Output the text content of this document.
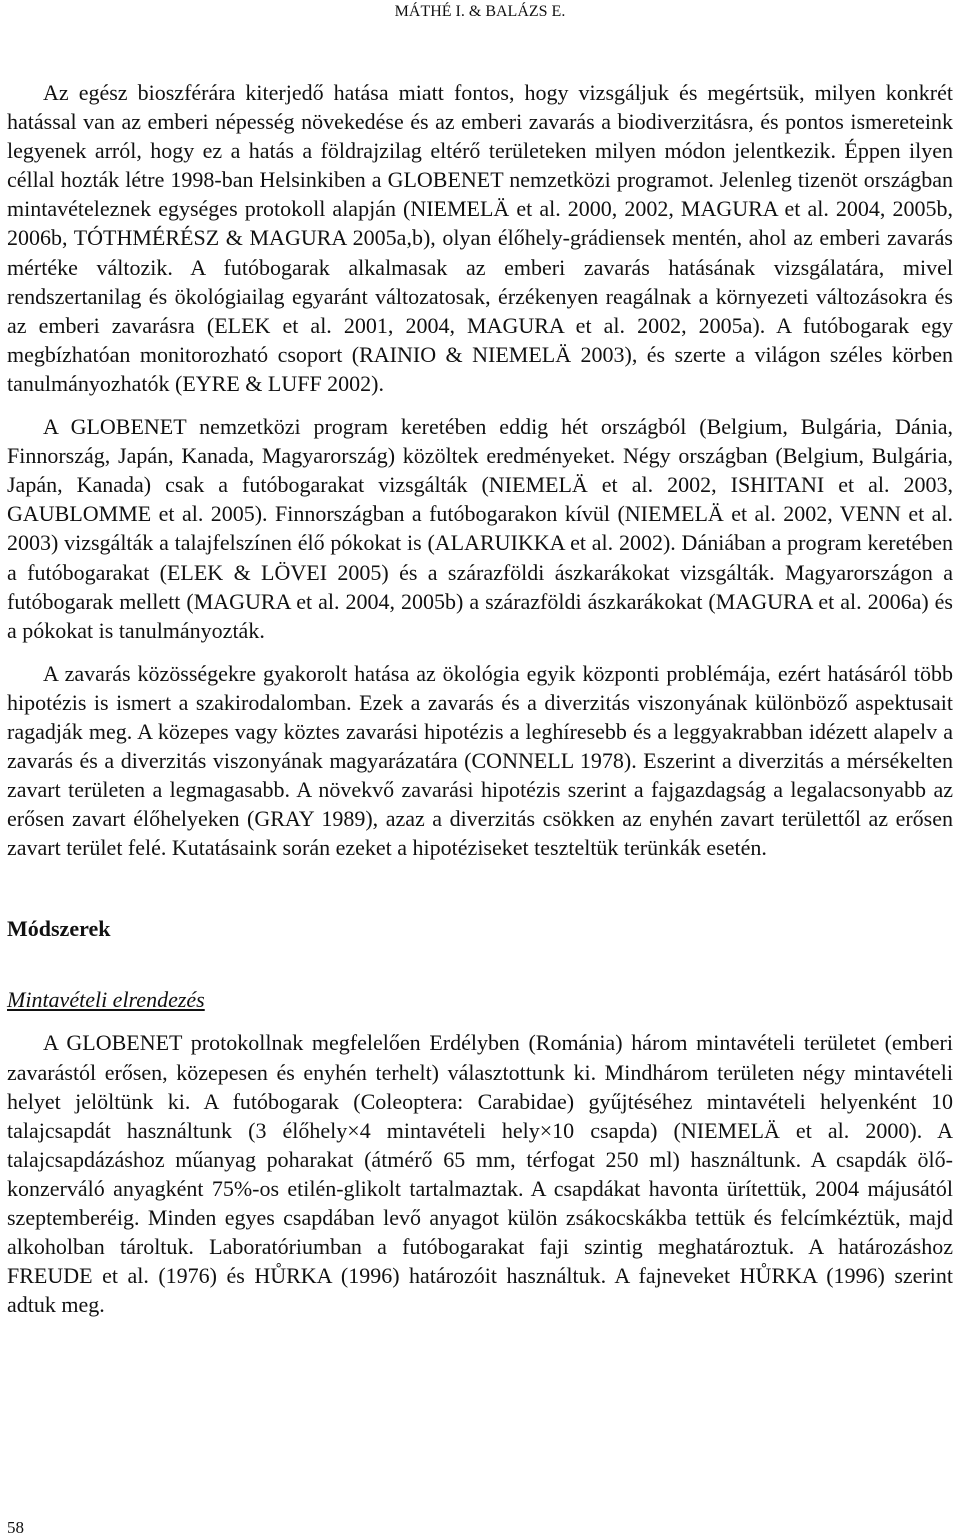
MÁTHÉ I. & BALÁZS E.

Az egész bioszférára kiterjedő hatása miatt fontos, hogy vizsgáljuk és megértsük, milyen konkrét hatással van az emberi népesség növekedése és az emberi zavarás a biodiverzitásra, és pontos ismereteink legyenek arról, hogy ez a hatás a földrajzilag eltérő területeken milyen módon jelentkezik. Éppen ilyen céllal hozták létre 1998-ban Helsinkiben a GLOBENET nemzetközi programot. Jelenleg tizenöt országban mintavételeznek egységes protokoll alapján (NIEMELÄ et al. 2000, 2002, MAGURA et al. 2004, 2005b, 2006b, TÓTHMÉRÉSZ & MAGURA 2005a,b), olyan élőhely-grádiensek mentén, ahol az emberi zavarás mértéke változik. A futóbogarak alkalmasak az emberi zavarás hatásának vizsgálatára, mivel rendszertanilag és ökológiailag egyaránt változatosak, érzékenyen reagálnak a környezeti változásokra és az emberi zavarásra (ELEK et al. 2001, 2004, MAGURA et al. 2002, 2005a). A futóbogarak egy megbízhatóan monitorozható csoport (RAINIO & NIEMELÄ 2003), és szerte a világon széles körben tanulmányozhatók (EYRE & LUFF 2002).

A GLOBENET nemzetközi program keretében eddig hét országból (Belgium, Bulgária, Dánia, Finnország, Japán, Kanada, Magyarország) közöltek eredményeket. Négy országban (Belgium, Bulgária, Japán, Kanada) csak a futóbogarakat vizsgálták (NIEMELÄ et al. 2002, ISHITANI et al. 2003, GAUBLOMME et al. 2005). Finnországban a futóbogarakon kívül (NIEMELÄ et al. 2002, VENN et al. 2003) vizsgálták a talajfelszínen élő pókokat is (ALARUIKKA et al. 2002). Dániában a program keretében a futóbogarakat (ELEK & LÖVEI 2005) és a szárazföldi ászkarákokat vizsgálták. Magyarországon a futóbogarak mellett (MAGURA et al. 2004, 2005b) a szárazföldi ászkarákokat (MAGURA et al. 2006a) és a pókokat is tanulmányozták.

A zavarás közösségekre gyakorolt hatása az ökológia egyik központi problémája, ezért hatásáról több hipotézis is ismert a szakirodalomban. Ezek a zavarás és a diverzitás viszonyának különböző aspektusait ragadják meg. A közepes vagy köztes zavarási hipotézis a leghíresebb és a leggyakrabban idézett alapelv a zavarás és a diverzitás viszonyának magyarázatára (CONNELL 1978). Eszerint a diverzitás a mérsékelten zavart területen a legmagasabb. A növekvő zavarási hipotézis szerint a fajgazdagság a legalacsonyabb az erősen zavart élőhelyeken (GRAY 1989), azaz a diverzitás csökken az enyhén zavart területtől az erősen zavart terület felé. Kutatásaink során ezeket a hipotéziseket teszteltük terünkák esetén.

Módszerek
Mintavételi elrendezés

A GLOBENET protokollnak megfelelően Erdélyben (Románia) három mintavételi területet (emberi zavarástól erősen, közepesen és enyhén terhelt) választottunk ki. Mindhárom területen négy mintavételi helyet jelöltünk ki. A futóbogarak (Coleoptera: Carabidae) gyűjtéséhez mintavételi helyenként 10 talajcsapdát használtunk (3 élőhely×4 mintavételi hely×10 csapda) (NIEMELÄ et al. 2000). A talajcsapdázáshoz műanyag poharakat (átmérő 65 mm, térfogat 250 ml) használtunk. A csapdák ölő-konzerváló anyagként 75%-os etilén-glikolt tartalmaztak. A csapdákat havonta ürítettük, 2004 májusától szeptemberéig. Minden egyes csapdában levő anyagot külön zsákocskákba tettük és felcímkéztük, majd alkoholban tároltuk. Laboratóriumban a futóbogarakat faji szintig meghatároztuk. A határozáshoz FREUDE et al. (1976) és HŮRKA (1996) határozóit használtuk. A fajneveket HŮRKA (1996) szerint adtuk meg.

58
